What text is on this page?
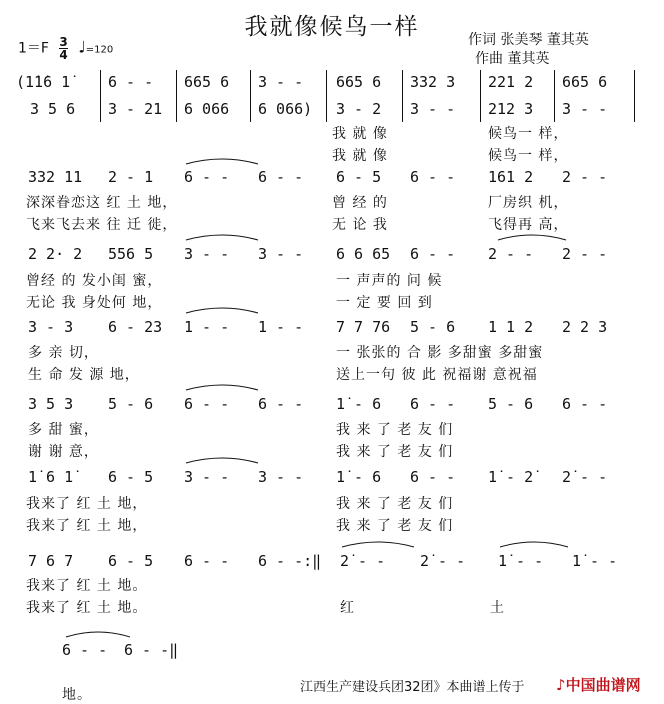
我就像候鸟一样
$1=F \frac{3}{4}$ ♩=120
作词 张美琴 董其英
作曲 董其英
(1̇1̇6 1̇	6 - - 665 6 3 - - 665 6 332 3 221 2 665 6
3 5 6 3 - 21 6 066 6 066) 3 - 2 3 - - 212 3 3 - -
我 就 像	候鸟一 样，
我 就 像	候鸟一 样，
332 11 2 - 1 6 - - 6 - - 6 - 5 6 - - 161 2 2 - -
深深眷恋这 红 土 地，	曾 经 的	厂房织 机，
飞来飞去来 往 迁 徙，	无 论 我	飞得再 高，
2 2· 2 556 5 3 - - 3 - - 6 6 65 6 - - 2 - - 2 - -
曾经 的 发小闺 蜜，	一 声声的 问 候
无论 我 身处何 地，	一 定 要 回 到
3 - 3 6 - 23 1 - - 1 - - 7 7 76 5 - 6 1 1 2 2 2 3
多 亲 切，	一 张张的 合 影 多甜蜜 多甜蜜
生 命 发 源 地，	送上一句 彼 此 祝福谢 意祝福
3 5 3 5 - 6 6 - - 6 - - 1̇ - 6 6 - - 5 - 6 6 - -
多 甜 蜜，	我 来 了 老 友 们
谢 谢 意，	我 来 了 老 友 们
1̇ 6 1̇ 6 - 5 3 - - 3 - - 1̇ - 6 6 - - 1̇ - 2̇ 2̇ - -
我来了 红 土 地，	我 来 了 老 友 们
我来了 红 土 地，	我 来 了 老 友 们
7 6 7 6 - 5 6 - - 6 - -:‖ 2̇ - - 2̇ - - 1̇ - - 1̇ - -
我来了 红 土 地。
我来了 红 土 地。	红	土
6 - - 6 - -‖
地。	江西生产建设兵团32团》本曲谱上传于 ♪中国曲谱网
